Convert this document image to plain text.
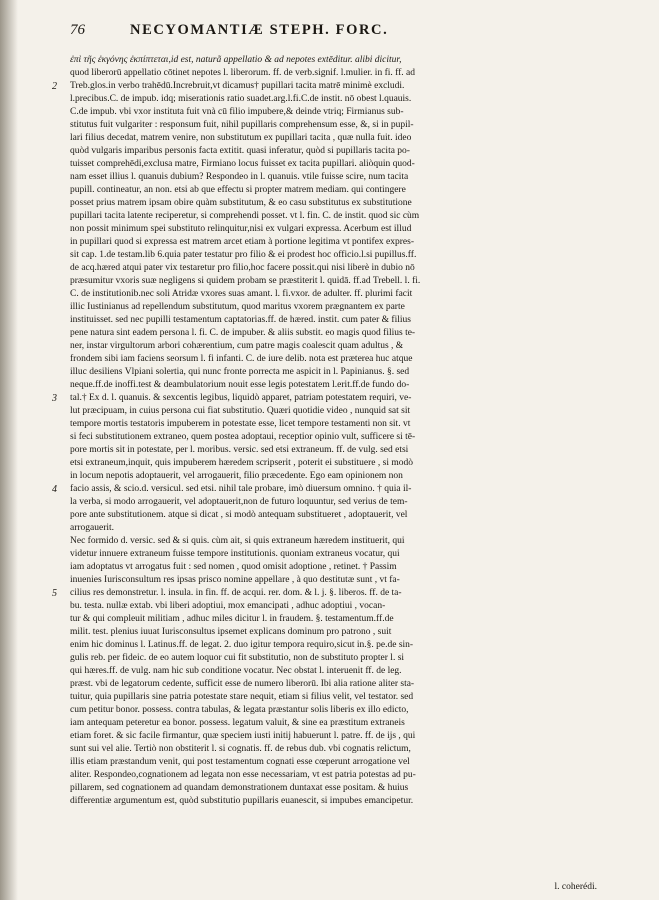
76	NECYOMANTIÆ STEPH. FORC.
ἐπὶ τῆς ἐκγόνης ἐκπίπτεται,id est, naturã appellatio & ad nepotes extēditur. alibi dicitur,
quod liberorū appellatio cōtinet nepotes l. liberorum. ff. de verb.signif. l.mulier. in fi. ff. ad
Treb.glos.in verbo trahēdū.Increbruit,vt dicamus† pupillari tacita matrē minimè excludi.
2
l.precibus.C. de impub. idq; miserationis ratio suadet.arg.l.fi.C.de instit. nō obest l.quauis.
C.de impub. vbi vxor instituta fuit vnà cū filio impubere,& deinde vtriq; Firmianus sub-
stitutus fuit vulgariter : responsum fuit, nihil pupillaris comprehensum esse, &, si in pupil-
lari filius decedat, matrem venire, non substitutum ex pupillari tacita , quæ nulla fuit. ideo
quòd vulgaris imparibus personis facta extitit. quasi inferatur, quòd si pupillaris tacita po-
tuisset comprehēdi,exclusa matre, Firmiano locus fuisset ex tacita pupillari. aliòquin quod-
nam esset illius l. quanuis dubium? Respondeo in l. quanuis. vtile fuisse scire, num tacita
pupill. contineatur, an non. etsi ab que effectu si propter matrem mediam. qui contingere
posset prius matrem ipsam obire quàm substitutum, & eo casu substitutus ex substitutione
pupillari tacita latente reciperetur, si comprehendi posset. vt l. fin. C. de instit. quod sic cùm
non possit minimum spei substituto relinquitur,nisi ex vulgari expressa. Acerbum est illud
in pupillari quod si expressa est matrem arcet etiam à portione legitima vt pontifex expres-
sit cap. 1.de testam.lib 6.quia pater testatur pro filio & ei prodest hoc officio.l.si pupillus.ff.
de acq.hæred atqui pater vix testaretur pro filio,hoc facere possit.qui nisi liberè in dubio nō
præsumitur vxoris suæ negligens si quidem probam se præstiterit l. quidā. ff.ad Trebell. l. fi.
C. de institutionib.nec soli Atridæ vxores suas amant. l. fi.vxor. de adulter. ff. plurimi facit
illic Iustinianus ad repellendum substitutum, quod maritus vxorem prægnantem ex parte
instituisset. sed nec pupilli testamentum captatorias.ff. de hæred. instit. cum pater & filius
pene natura sint eadem persona l. fi. C. de impuber. & aliis substit. eo magis quod filius te-
ner, instar virgultorum arbori cohærentium, cum patre magis coalescit quam adultus , &
frondem sibi iam faciens seorsum l. fi infanti. C. de iure delib. nota est præterea huc atque
illuc desiliens Vlpiani solertia, qui nunc fronte porrecta me aspicit in l. Papinianus. §. sed
neque.ff.de inoffi.test & deambulatorium nouit esse legis potestatem l.erit.ff.de fundo do-
tal.† Ex d. l. quanuis. & sexcentis legibus, liquidò apparet, patriam potestatem requiri, ve-
3
lut præcipuam, in cuius persona cui fiat substitutio. Quæri quotidie video , nunquid sat sit
tempore mortis testatoris impuberem in potestate esse, licet tempore testamenti non sit. vt
si feci substitutionem extraneo, quem postea adoptaui, receptior opinio vult, sufficere si tē-
pore mortis sit in potestate, per l. moribus. versic. sed etsi extraneum. ff. de vulg. sed etsi
etsi extraneum,inquit, quis impuberem hæredem scripserit , poterit ei substituere , si modò
in locum nepotis adoptauerit, vel arrogauerit, filio præcedente. Ego eam opinionem non
facio assis, & scio.d. versicul. sed etsi. nihil tale probare, imò diuersum omnino. † quia il-
4
la verba, si modo arrogauerit, vel adoptauerit,non de futuro loquuntur, sed verius de tem-
pore ante substitutionem. atque si dicat , si modò antequam substitueret , adoptauerit, vel
arrogauerit.
Nec formido d. versic. sed & si quis. cùm ait, si quis extraneum hæredem instituerit, qui
videtur innuere extraneum fuisse tempore institutionis. quoniam extraneus vocatur, qui
iam adoptatus vt arrogatus fuit : sed nomen , quod omisit adoptione , retinet. † Passim
inuenies Iurisconsultum res ipsas prisco nomine appellare , à quo destitutæ sunt , vt fa-
cilius res demonstretur. l. insula. in fin. ff. de acqui. rer. dom. & l. j. §. liberos. ff. de ta-
5
bu. testa. nullæ extab. vbi liberi adoptiui, mox emancipati , adhuc adoptiui , vocan-
tur & qui compleuit militiam , adhuc miles dicitur l. in fraudem. §. testamentum.ff.de
milit. test. plenius iuuat Iurisconsultus ipsemet explicans dominum pro patrono , suit
enim hic dominus l. Latinus.ff. de legat. 2. duo igitur tempora requiro,sicut in.§. pe.de sin-
gulis reb. per fideic. de eo autem loquor cui fit substitutio, non de substituto propter l. si
qui hæres.ff. de vulg. nam hic sub conditione vocatur. Nec obstat l. interuenit ff. de leg.
præst. vbi de legatorum cedente, sufficit esse de numero liberorū. Ibi alia ratione aliter sta-
tuitur, quia pupillaris sine patria potestate stare nequit, etiam si filius velit, vel testator. sed
cum petitur bonor. possess. contra tabulas, & legata præstantur solis liberis ex illo edicto,
iam antequam peteretur ea bonor. possess. legatum valuit, & sine ea præstitum extraneis
etiam foret. & sic facile firmantur, quæ speciem iusti initij habuerunt l. patre. ff. de ijs , qui
sunt sui vel alie. Tertiò non obstiterit l. si cognatis. ff. de rebus dub. vbi cognatis relictum,
illis etiam præstandum venit, qui post testamentum cognati esse cœperunt arrogatione vel
aliter. Respondeo,cognationem ad legata non esse necessariam, vt est patria potestas ad pu-
pillarem, sed cognationem ad quandam demonstrationem duntaxat esse positam. & huius
differentiæ argumentum est, quòd substitutio pupillaris euanescit, si impubes emancipetur.
l. coherédi.
